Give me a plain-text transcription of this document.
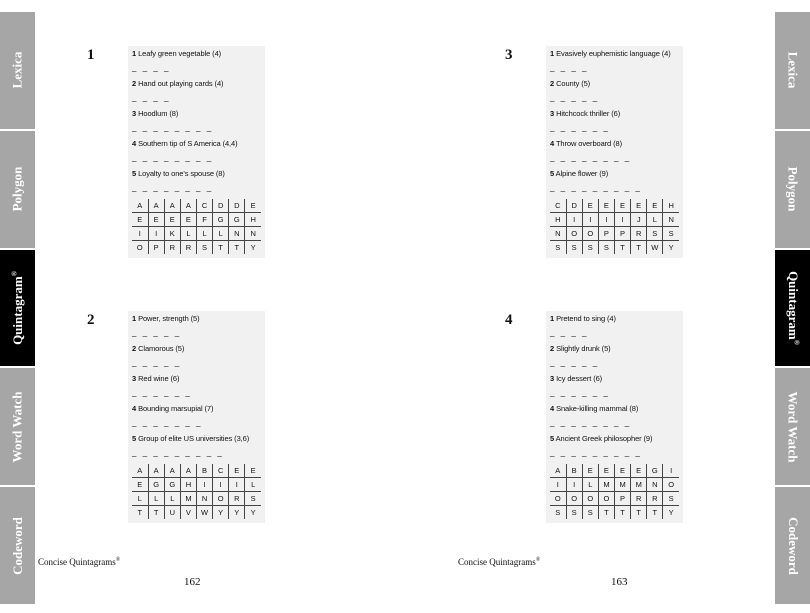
Lexica
Polygon
Quintagram®
Word Watch
Codeword
Lexica
Polygon
Quintagram®
Word Watch
Codeword
1	1 Leafy green vegetable (4)
_ _ _ _
2 Hand out playing cards (4)
_ _ _ _
3 Hoodlum (8)
_ _ _ _ _ _ _ _
4 Southern tip of S America (4,4)
_ _ _ _ _ _ _ _
5 Loyalty to one's spouse (8)
_ _ _ _ _ _ _ _
A	A	A	A	C	D	D	E
E	E	E	E	F	G	G	H
I	I	K	L	L	L	N	N
O	P	R	R	S	T	T	Y
2	1 Power, strength (5)
_ _ _ _ _
2 Clamorous (5)
_ _ _ _ _
3 Red wine (6)
_ _ _ _ _ _
4 Bounding marsupial (7)
_ _ _ _ _ _ _
5 Group of elite US universities (3,6)
_ _ _ _ _ _ _ _ _
A	A	A	A	B	C	E	E
E	G	G	H	I	I	I	L
L	L	L	M	N	O	R	S
T	T	U	V	W	Y	Y	Y
3	1 Evasively euphemistic language (4)
_ _ _ _
2 County (5)
_ _ _ _ _
3 Hitchcock thriller (6)
_ _ _ _ _ _
4 Throw overboard (8)
_ _ _ _ _ _ _ _
5 Alpine flower (9)
_ _ _ _ _ _ _ _ _
C	D	E	E	E	E	E	H
H	I	I	I	I	J	L	N
N	O	O	P	P	R	S	S
S	S	S	S	T	T	W	Y
4	1 Pretend to sing (4)
_ _ _ _
2 Slightly drunk (5)
_ _ _ _ _
3 Icy dessert (6)
_ _ _ _ _ _
4 Snake-killing mammal (8)
_ _ _ _ _ _ _ _
5 Ancient Greek philosopher (9)
_ _ _ _ _ _ _ _ _
A	B	E	E	E	E	G	I
I	I	L	M	M	M	N	O
O	O	O	O	P	R	R	S
S	S	S	T	T	T	T	Y
Concise Quintagrams®	Concise Quintagrams®
162	163
